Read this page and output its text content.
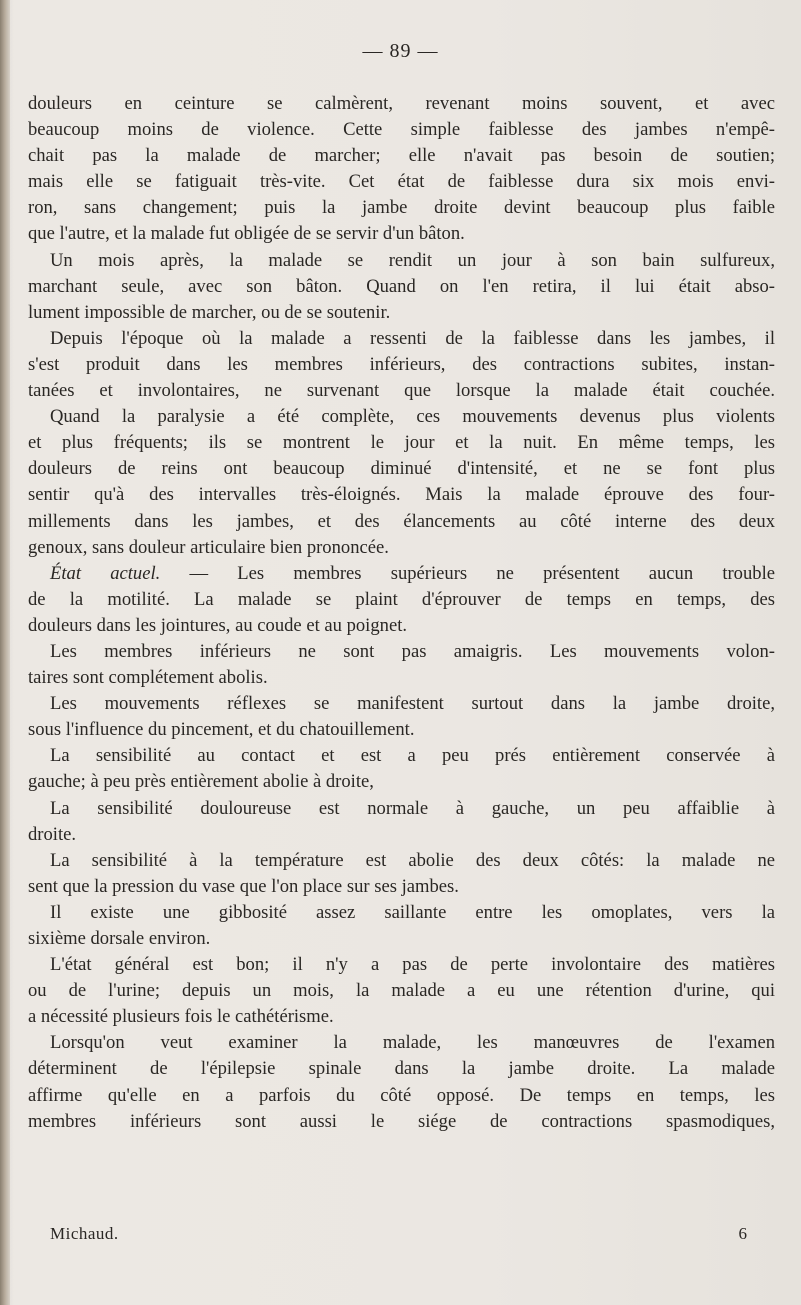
— 89 —
douleurs en ceinture se calmèrent, revenant moins souvent, et avec
beaucoup moins de violence. Cette simple faiblesse des jambes n'empê-
chait pas la malade de marcher; elle n'avait pas besoin de soutien;
mais elle se fatiguait très-vite. Cet état de faiblesse dura six mois envi-
ron, sans changement; puis la jambe droite devint beaucoup plus faible
que l'autre, et la malade fut obligée de se servir d'un bâton.
Un mois après, la malade se rendit un jour à son bain sulfureux,
marchant seule, avec son bâton. Quand on l'en retira, il lui était abso-
lument impossible de marcher, ou de se soutenir.
Depuis l'époque où la malade a ressenti de la faiblesse dans les jambes, il
s'est produit dans les membres inférieurs, des contractions subites, instan-
tanées et involontaires, ne survenant que lorsque la malade était couchée.
Quand la paralysie a été complète, ces mouvements devenus plus violents
et plus fréquents; ils se montrent le jour et la nuit. En même temps, les
douleurs de reins ont beaucoup diminué d'intensité, et ne se font plus
sentir qu'à des intervalles très-éloignés. Mais la malade éprouve des four-
millements dans les jambes, et des élancements au côté interne des deux
genoux, sans douleur articulaire bien prononcée.
État actuel. — Les membres supérieurs ne présentent aucun trouble
de la motilité. La malade se plaint d'éprouver de temps en temps, des
douleurs dans les jointures, au coude et au poignet.
Les membres inférieurs ne sont pas amaigris. Les mouvements volon-
taires sont complétement abolis.
Les mouvements réflexes se manifestent surtout dans la jambe droite,
sous l'influence du pincement, et du chatouillement.
La sensibilité au contact et est a peu prés entièrement conservée à
gauche; à peu près entièrement abolie à droite,
La sensibilité douloureuse est normale à gauche, un peu affaiblie à
droite.
La sensibilité à la température est abolie des deux côtés: la malade ne
sent que la pression du vase que l'on place sur ses jambes.
Il existe une gibbosité assez saillante entre les omoplates, vers la
sixième dorsale environ.
L'état général est bon; il n'y a pas de perte involontaire des matières
ou de l'urine; depuis un mois, la malade a eu une rétention d'urine, qui
a nécessité plusieurs fois le cathétérisme.
Lorsqu'on veut examiner la malade, les manœuvres de l'examen
déterminent de l'épilepsie spinale dans la jambe droite. La malade
affirme qu'elle en a parfois du côté opposé. De temps en temps, les
membres inférieurs sont aussi le siége de contractions spasmodiques,
Michaud.	6
